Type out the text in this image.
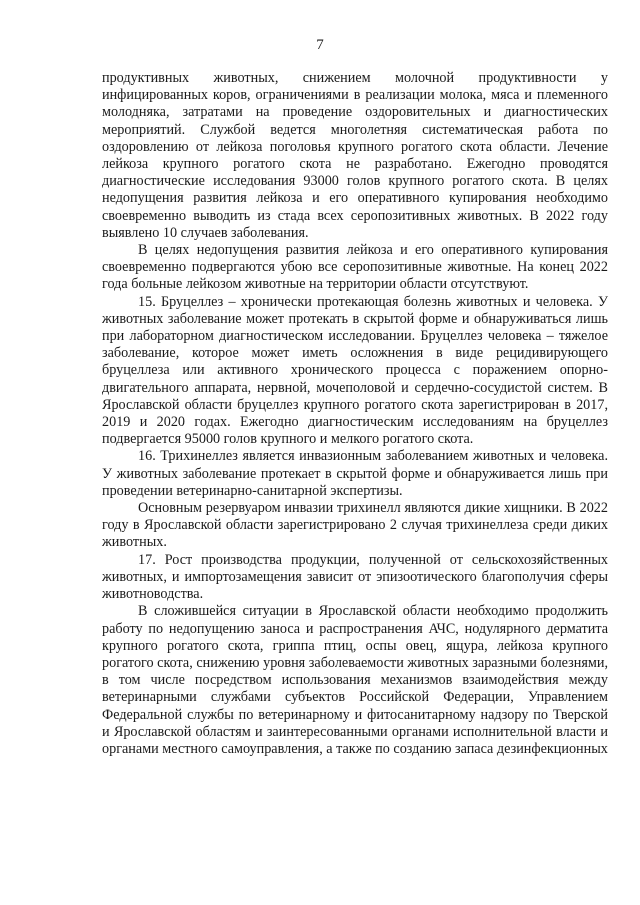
7

продуктивных животных, снижением молочной продуктивности у инфицированных коров, ограничениями в реализации молока, мяса и племенного молодняка, затратами на проведение оздоровительных и диагностических мероприятий. Службой ведется многолетняя систематическая работа по оздоровлению от лейкоза поголовья крупного рогатого скота области. Лечение лейкоза крупного рогатого скота не разработано. Ежегодно проводятся диагностические исследования 93000 голов крупного рогатого скота. В целях недопущения развития лейкоза и его оперативного купирования необходимо своевременно выводить из стада всех серопозитивных животных. В 2022 году выявлено 10 случаев заболевания.

В целях недопущения развития лейкоза и его оперативного купирования своевременно подвергаются убою все серопозитивные животные. На конец 2022 года больные лейкозом животные на территории области отсутствуют.

15. Бруцеллез – хронически протекающая болезнь животных и человека. У животных заболевание может протекать в скрытой форме и обнаруживаться лишь при лабораторном диагностическом исследовании. Бруцеллез человека – тяжелое заболевание, которое может иметь осложнения в виде рецидивирующего бруцеллеза или активного хронического процесса с поражением опорно-двигательного аппарата, нервной, мочеполовой и сердечно-сосудистой систем. В Ярославской области бруцеллез крупного рогатого скота зарегистрирован в 2017, 2019 и 2020 годах. Ежегодно диагностическим исследованиям на бруцеллез подвергается 95000 голов крупного и мелкого рогатого скота.

16. Трихинеллез является инвазионным заболеванием животных и человека. У животных заболевание протекает в скрытой форме и обнаруживается лишь при проведении ветеринарно-санитарной экспертизы.

Основным резервуаром инвазии трихинелл являются дикие хищники. В 2022 году в Ярославской области зарегистрировано 2 случая трихинеллеза среди диких животных.

17. Рост производства продукции, полученной от сельскохозяйственных животных, и импортозамещения зависит от эпизоотического благополучия сферы животноводства.

В сложившейся ситуации в Ярославской области необходимо продолжить работу по недопущению заноса и распространения АЧС, нодулярного дерматита крупного рогатого скота, гриппа птиц, оспы овец, ящура, лейкоза крупного рогатого скота, снижению уровня заболеваемости животных заразными болезнями, в том числе посредством использования механизмов взаимодействия между ветеринарными службами субъектов Российской Федерации, Управлением Федеральной службы по ветеринарному и фитосанитарному надзору по Тверской и Ярославской областям и заинтересованными органами исполнительной власти и органами местного самоуправления, а также по созданию запаса дезинфекционных
